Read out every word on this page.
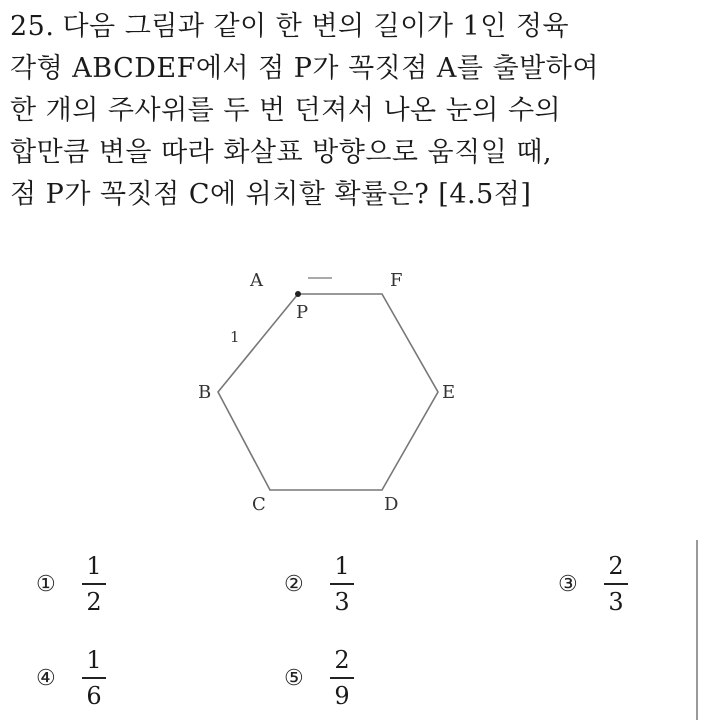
25. 다음 그림과 같이 한 변의 길이가 1인 정육
각형 ABCDEF에서 점 P가 꼭짓점 A를 출발하여
한 개의 주사위를 두 번 던져서 나온 눈의 수의
합만큼 변을 따라 화살표 방향으로 움직일 때,
점 P가 꼭짓점 C에 위치할 확률은? [4.5점]
A	F
B	E
C	D
P
1
①	$\frac{1}{2}$	②	$\frac{1}{3}$	③	$\frac{2}{3}$
④	$\frac{1}{6}$	⑤	$\frac{2}{9}$
